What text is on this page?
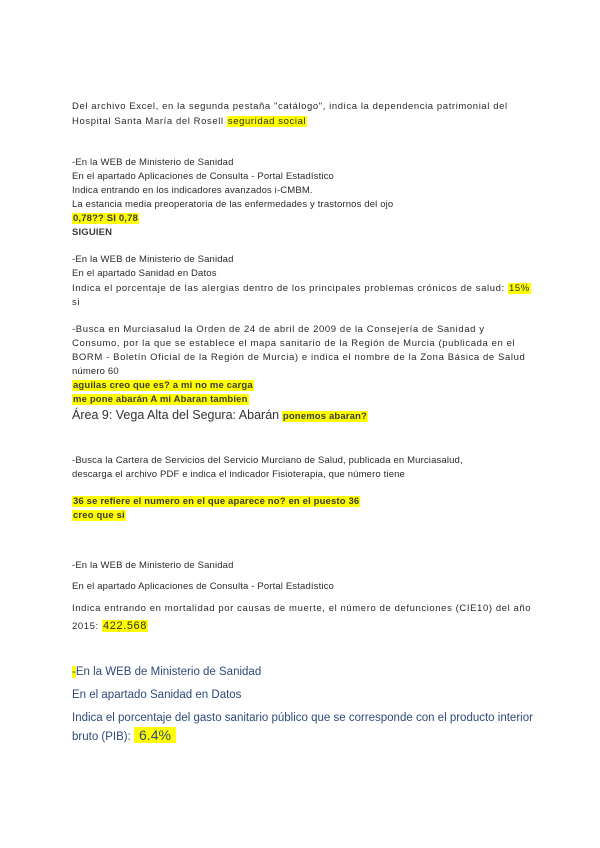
Del archivo Excel, en la segunda pestaña "catálogo", indica la dependencia patrimonial del
Hospital Santa María del Rosell seguridad social
-En la WEB de Ministerio de Sanidad
En el apartado Aplicaciones de Consulta - Portal Estadístico
Indica entrando en los indicadores avanzados i-CMBM.
La estancia media preoperatoria de las enfermedades y trastornos del ojo
0,78?? SI 0,78
SIGUIEN
-En la WEB de Ministerio de Sanidad
En el apartado Sanidad en Datos
Indica el porcentaje de las alergias dentro de los principales problemas crónicos de salud: 15%
si
-Busca en Murciasalud la Orden de 24 de abril de 2009 de la Consejería de Sanidad y
Consumo, por la que se establece el mapa sanitario de la Región de Murcia (publicada en el
BORM - Boletín Oficial de la Región de Murcia) e indica el nombre de la Zona Básica de Salud
número 60
aguilas creo que es? a mi no me carga
me pone abarán A mi Abaran tambien
Área 9: Vega Alta del Segura: Abarán ponemos abaran?
-Busca la Cartera de Servicios del Servicio Murciano de Salud, publicada en Murciasalud,
descarga el archivo PDF e indica el indicador Fisioterapia, que número tiene
36 se refiere el numero en el que aparece no? en el puesto 36
creo que si
-En la WEB de Ministerio de Sanidad
En el apartado Aplicaciones de Consulta - Portal Estadístico
Indica entrando en mortalidad por causas de muerte, el número de defunciones (CIE10) del año
2015: 422.568
-En la WEB de Ministerio de Sanidad
En el apartado Sanidad en Datos
Indica el porcentaje del gasto sanitario público que se corresponde con el producto interior
bruto (PIB): 6.4%
